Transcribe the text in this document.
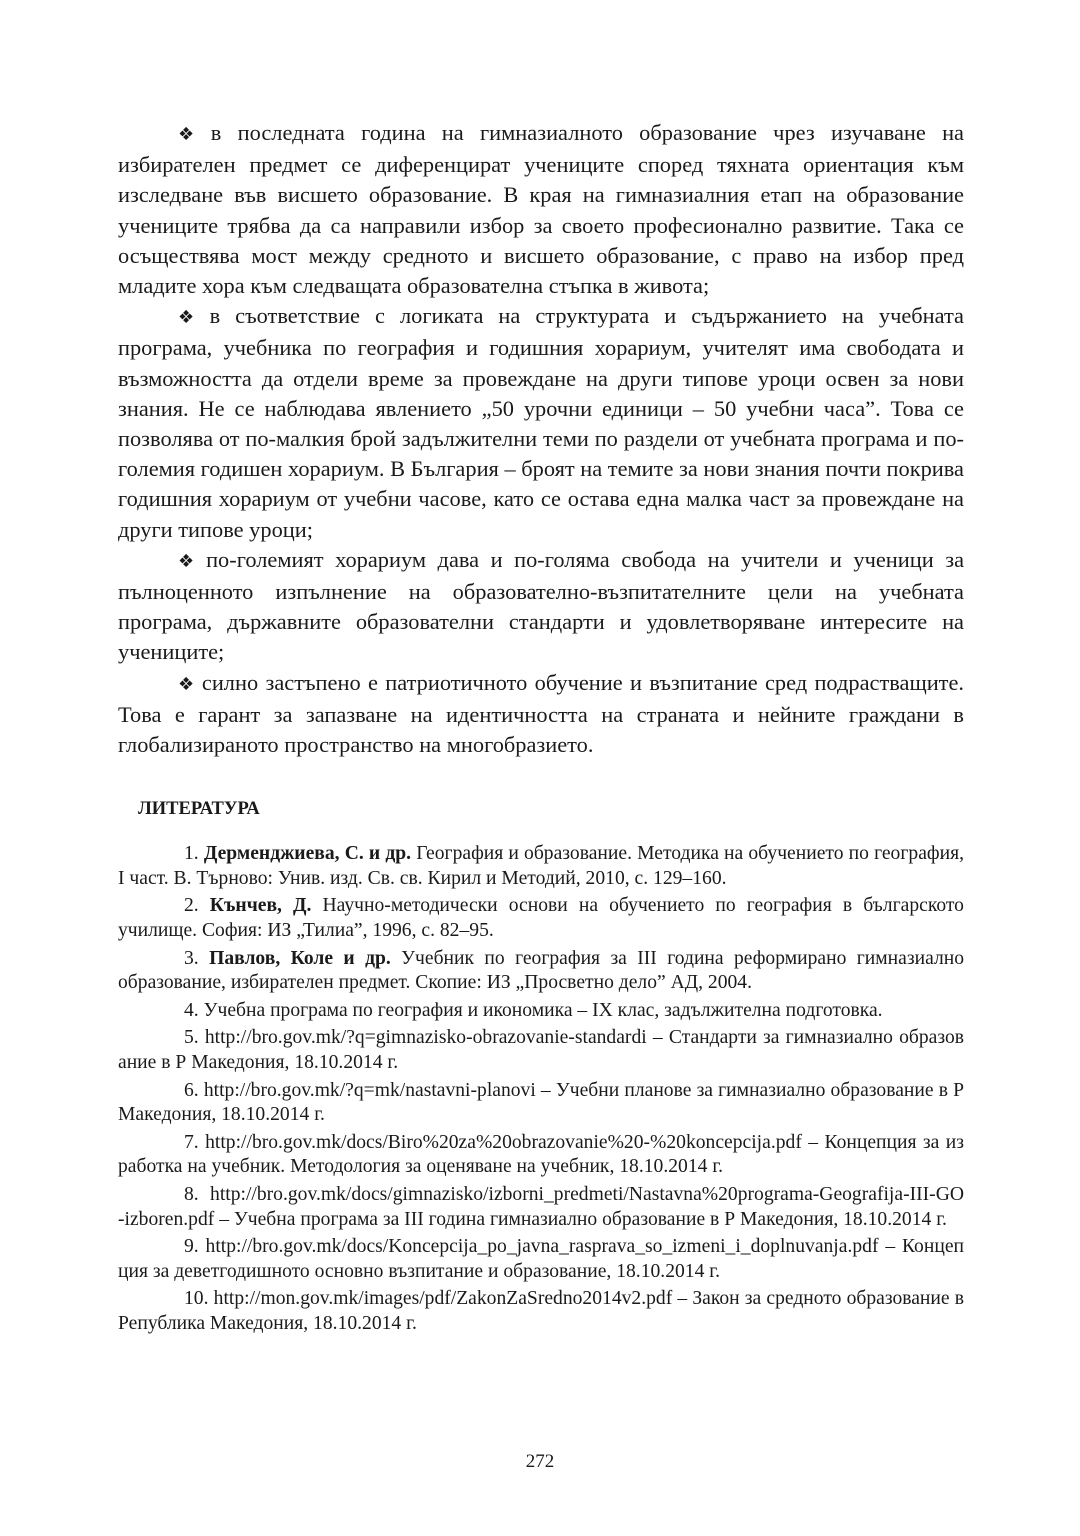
❖ в последната година на гимназиалното образование чрез изучаване на избирателен предмет се диференцират учениците според тяхната ориентация към изследване във висшето образование. В края на гимназиалния етап на образование учениците трябва да са направили избор за своето професионално развитие. Така се осъществява мост между средното и висшето образование, с право на избор пред младите хора към следващата образователна стъпка в живота;

❖ в съответствие с логиката на структурата и съдържанието на учебната програма, учебника по география и годишния хорариум, учителят има свободата и възможността да отдели време за провеждане на други типове уроци освен за нови знания. Не се наблюдава явлението „50 урочни единици – 50 учебни часа”. Това се позволява от по-малкия брой задължителни теми по раздели от учебната програма и по-големия годишен хорариум. В България – броят на темите за нови знания почти покрива годишния хорариум от учебни часове, като се остава една малка част за провеждане на други типове уроци;

❖ по-големият хорариум дава и по-голяма свобода на учители и ученици за пълноценното изпълнение на образователно-възпитателните цели на учебната програма, държавните образователни стандарти и удовлетворяване интересите на учениците;

❖ силно застъпено е патриотичното обучение и възпитание сред подрастващите. Това е гарант за запазване на идентичността на страната и нейните граждани в глобализираното пространство на многобразието.

ЛИТЕРАТУРА

1. Дерменджиева, С. и др. География и образование. Методика на обучението по география, I част. В. Търново: Унив. изд. Св. св. Кирил и Методий, 2010, с. 129–160.

2. Кънчев, Д. Научно-методически основи на обучението по география в българското училище. София: ИЗ „Тилиа”, 1996, с. 82–95.

3. Павлов, Коле и др. Учебник по география за III година реформирано гимназиално образование, избирателен предмет. Скопие: ИЗ „Просветно дело” АД, 2004.

4. Учебна програма по география и икономика – IX клас, задължителна подготовка.

5. http://bro.gov.mk/?q=gimnazisko-obrazovanie-standardi – Стандарти за гимназиално образование в Р Македония, 18.10.2014 г.

6. http://bro.gov.mk/?q=mk/nastavni-planovi – Учебни планове за гимназиално образование в Р Македония, 18.10.2014 г.

7. http://bro.gov.mk/docs/Biro%20za%20obrazovanie%20-%20koncepcija.pdf – Концепция за изработка на учебник. Методология за оценяване на учебник, 18.10.2014 г.

8. http://bro.gov.mk/docs/gimnazisko/izborni_predmeti/Nastavna%20programa-Geografija-III-GO-izboren.pdf – Учебна програма за III година гимназиално образование в Р Македония, 18.10.2014 г.

9. http://bro.gov.mk/docs/Koncepcija_po_javna_rasprava_so_izmeni_i_doplnuvanja.pdf – Концепция за деветгодишното основно възпитание и образование, 18.10.2014 г.

10. http://mon.gov.mk/images/pdf/ZakonZaSredno2014v2.pdf – Закон за средното образование в Република Македония, 18.10.2014 г.

272
